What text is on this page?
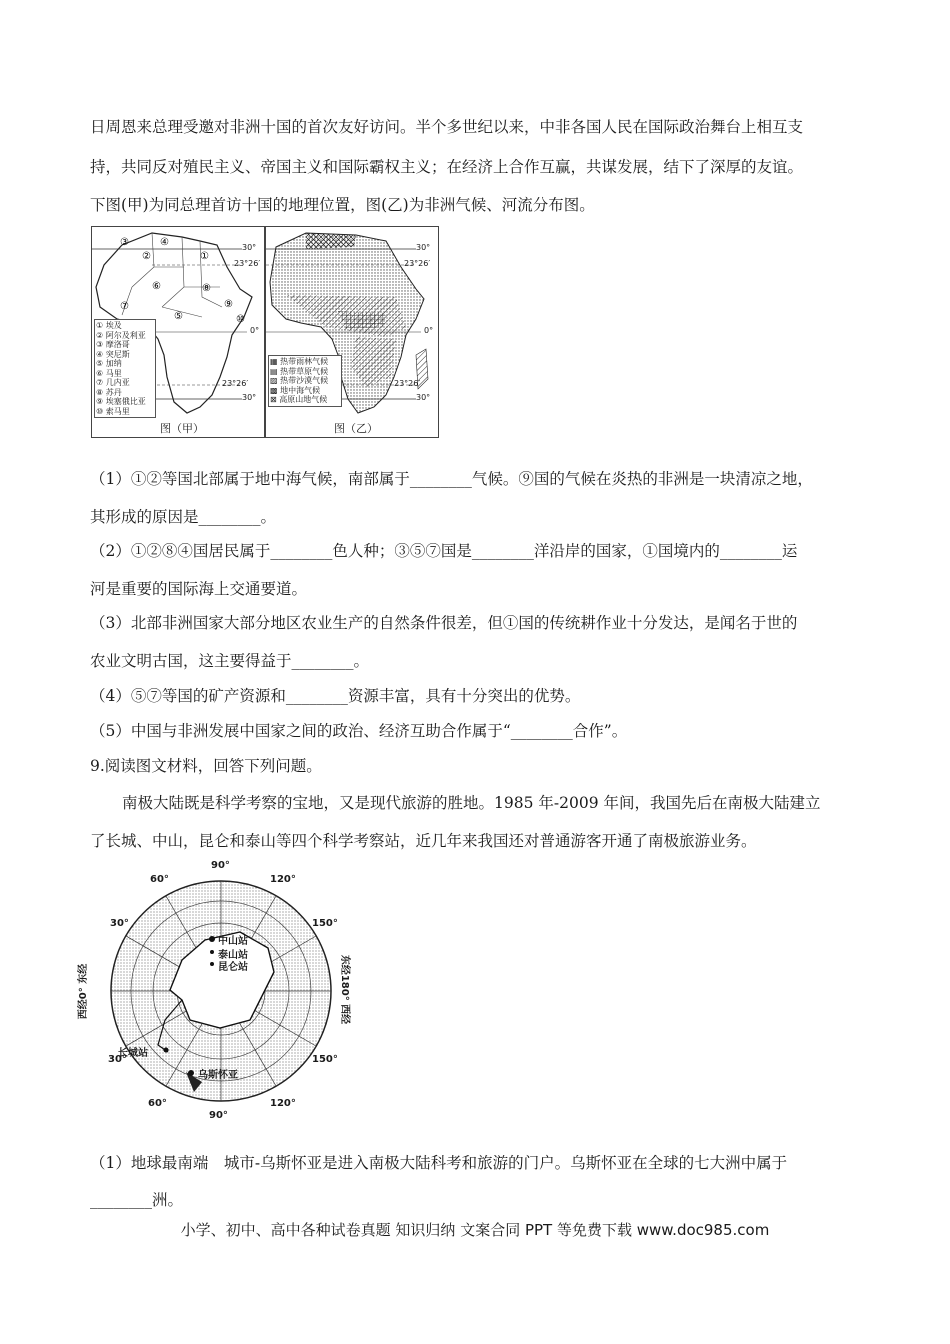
日周恩来总理受邀对非洲十国的首次友好访问。半个多世纪以来，中非各国人民在国际政治舞台上相互支
持，共同反对殖民主义、帝国主义和国际霸权主义；在经济上合作互赢，共谋发展，结下了深厚的友谊。
下图(甲)为同总理首访十国的地理位置，图(乙)为非洲气候、河流分布图。
①
②
③	④
⑤
⑥
⑦
⑧
⑨
⑩
30°
23°26′
0°
23°26′
30°
① 埃及
② 阿尔及利亚
③ 摩洛哥
④ 突尼斯
⑤ 加纳
⑥ 马里
⑦ 几内亚
⑧ 苏丹
⑨ 埃塞俄比亚
⑩ 索马里
图（甲）
30°
23°26′
0°
23°26′
30°
▦ 热带雨林气候
▤ 热带草原气候
▨ 热带沙漠气候
▩ 地中海气候
⊠ 高原山地气候
图（乙）
（1）①②等国北部属于地中海气候，南部属于________气候。⑨国的气候在炎热的非洲是一块清凉之地，
其形成的原因是________。
（2）①②⑧④国居民属于________色人种；③⑤⑦国是________洋沿岸的国家，①国境内的________运
河是重要的国际海上交通要道。
（3）北部非洲国家大部分地区农业生产的自然条件很差，但①国的传统耕作业十分发达，是闻名于世的
农业文明古国，这主要得益于________。
（4）⑤⑦等国的矿产资源和________资源丰富，具有十分突出的优势。
（5）中国与非洲发展中国家之间的政治、经济互助合作属于“________合作”。
9.阅读图文材料，回答下列问题。
南极大陆既是科学考察的宝地，又是现代旅游的胜地。1985 年-2009 年间，我国先后在南极大陆建立
了长城、中山，昆仑和泰山等四个科学考察站，近几年来我国还对普通游客开通了南极旅游业务。
90°
60°	120°
30°	150°
30°	150°
60°	120°
90°
西经0° 东经	东经180° 西经
中山站
泰山站
昆仑站
长城站
乌斯怀亚
（1）地球最南端　城市-乌斯怀亚是进入南极大陆科考和旅游的门户。乌斯怀亚在全球的七大洲中属于
________洲。
小学、初中、高中各种试卷真题 知识归纳 文案合同 PPT 等免费下载 www.doc985.com
